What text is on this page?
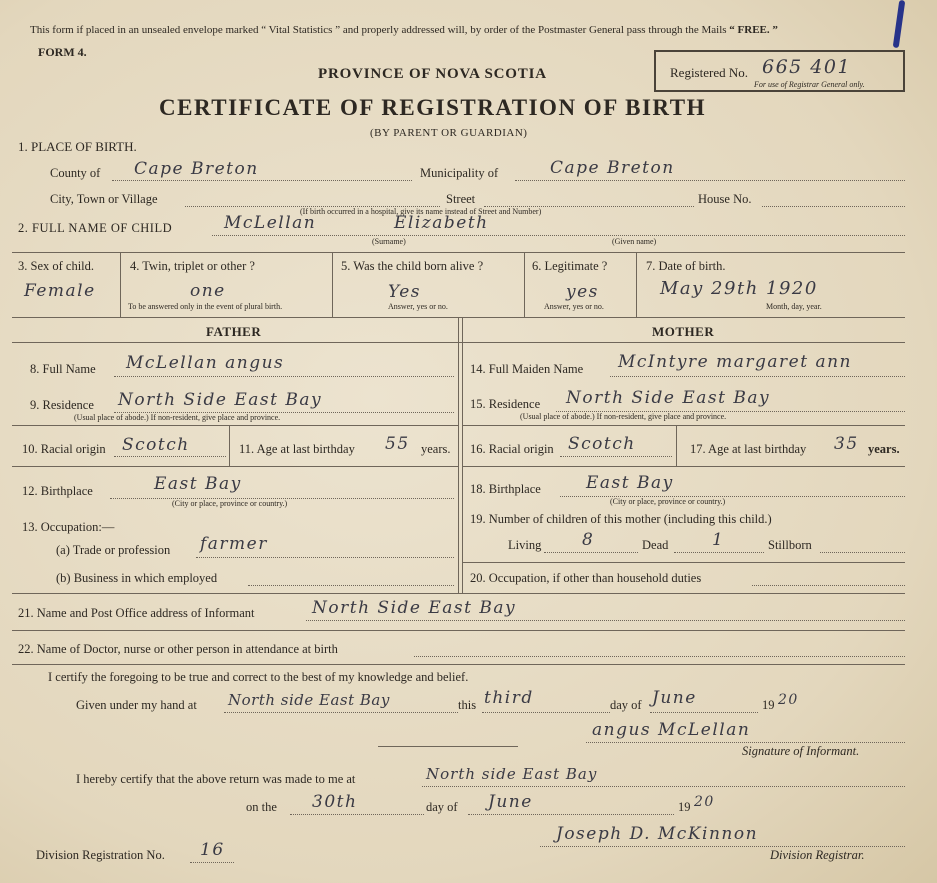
This form if placed in an unsealed envelope marked “ Vital Statistics ” and properly addressed will, by order of the Postmaster General pass through the Mails “ FREE. ”
FORM 4.
PROVINCE OF NOVA SCOTIA
CERTIFICATE OF REGISTRATION OF BIRTH
(BY PARENT OR GUARDIAN)
Registered No. 665 401
For use of Registrar General only.
1. PLACE OF BIRTH.
County of Cape Breton	Municipality of	Cape Breton
City, Town or Village	Street	House No.
(If birth occurred in a hospital, give its name instead of Street and Number)
2. FULL NAME OF CHILD	McLellan	Elizabeth
(Surname)	(Given name)
3. Sex of child.
Female
4. Twin, triplet or other ?
one
To be answered only in the event of plural birth.
5. Was the child born alive ?
Yes
Answer, yes or no.
6. Legitimate ?
yes
Answer, yes or no.
7. Date of birth.
May 29th 1920
Month, day, year.
FATHER	MOTHER
8. Full Name McLellan angus
9. Residence North Side East Bay
(Usual place of abode.) If non-resident, give place and province.
10. Racial origin Scotch	11. Age at last birthday 55 years.
12. Birthplace	East Bay
(City or place, province or country.)
13. Occupation:—
(a) Trade or profession farmer
(b) Business in which employed
14. Full Maiden Name McIntyre margaret ann
15. Residence North Side East Bay
(Usual place of abode.) If non-resident, give place and province.
16. Racial origin Scotch	17. Age at last birthday 35 years.
18. Birthplace	East Bay
(City or place, province or country.)
19. Number of children of this mother (including this child.)
Living 8	Dead	1	Stillborn
20. Occupation, if other than household duties
21. Name and Post Office address of Informant	North Side East Bay
22. Name of Doctor, nurse or other person in attendance at birth
I certify the foregoing to be true and correct to the best of my knowledge and belief.
Given under my hand at North side East Bay	this third	day of June	19 20
angus McLellan
Signature of Informant.
I hereby certify that the above return was made to me at	North side East Bay
on the 30th	day of June	19 20
Division Registration No. 16
Joseph D. McKinnon
Division Registrar.
